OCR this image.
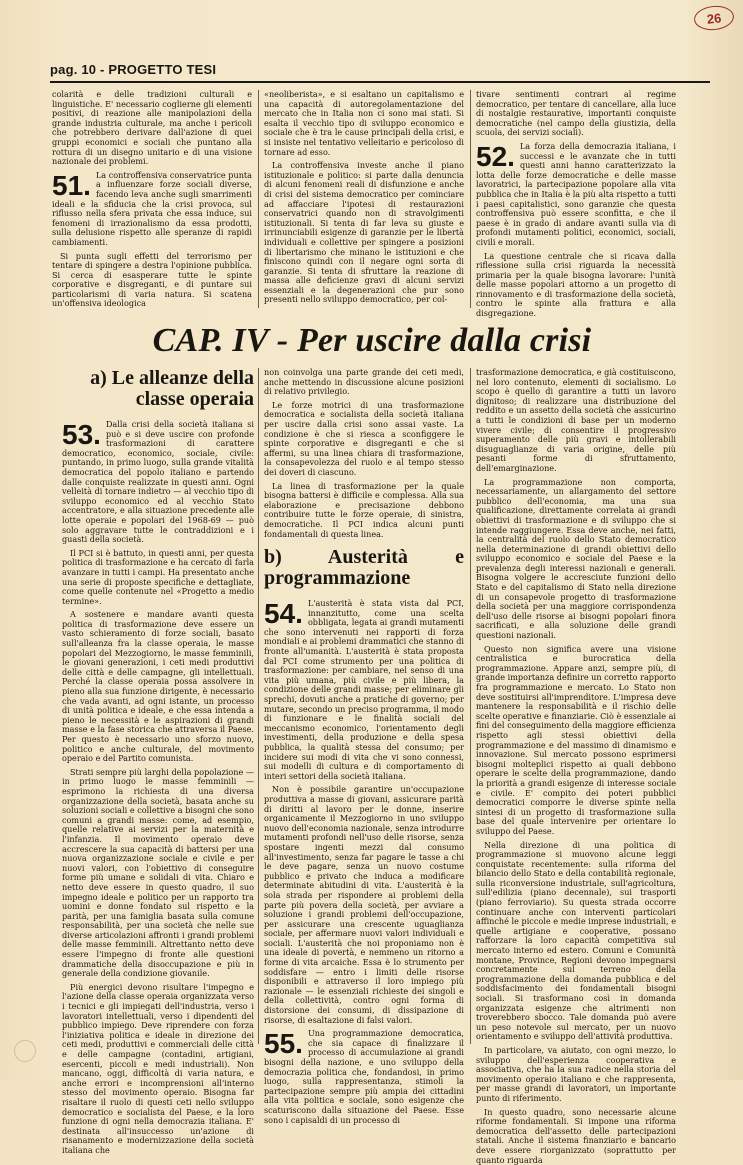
26
pag. 10 - PROGETTO TESI

colarità e delle tradizioni culturali e linguistiche. E' necessario coglierne gli elementi positivi, di reazione alle manipolazioni della grande industria culturale, ma anche i pericoli che potrebbero derivare dall'azione di quei gruppi economici e sociali che puntano alla rottura di un disegno unitario e di una visione nazionale dei problemi.

51. La controffensiva conservatrice punta a influenzare forze sociali diverse, facendo leva anche sugli smarrimenti ideali e la sfiducia che la crisi provoca, sul riflusso nella sfera privata che essa induce, sui fenomeni di irrazionalismo da essa prodotti, sulla delusione rispetto alle speranze di rapidi cambiamenti.

Si punta sugli effetti del terrorismo per tentare di spingere a destra l'opinione pubblica. Si cerca di esasperare tutte le spinte corporative e disgreganti, e di puntare sui particolarismi di varia natura. Si scatena un'offensiva ideologica

«neoliberista», e si esaltano un capitalismo e una capacità di autoregolamentazione del mercato che in Italia non ci sono mai stati. Si esalta il vecchio tipo di sviluppo economico e sociale che è tra le cause principali della crisi, e si insiste nel tentativo velleitario e pericoloso di tornare ad esso.

La controffensiva investe anche il piano istituzionale e politico: si parte dalla denuncia di alcuni fenomeni reali di disfunzione e anche di crisi del sistema democratico per cominciare ad affacciare l'ipotesi di restaurazioni conservatrici quando non di stravolgimenti istituzionali. Si tenta di far leva su giuste e irrinunciabili esigenze di garanzie per le libertà individuali e collettive per spingere a posizioni di libertarismo che minano le istituzioni e che finiscono quindi con il negare ogni sorta di garanzie. Si tenta di sfruttare la reazione di massa alle deficienze gravi di alcuni servizi essenziali e la degenerazioni che pur sono presenti nello sviluppo democratico, per col-

tivare sentimenti contrari al regime democratico, per tentare di cancellare, alla luce di nostalgie restaurative, importanti conquiste democratiche (nel campo della giustizia, della scuola, dei servizi sociali).

52. La forza della democrazia italiana, i successi e le avanzate che in tutti questi anni hanno caratterizzato la lotta delle forze democratiche e delle masse lavoratrici, la partecipazione popolare alla vita pubblica che in Italia è la più alta rispetto a tutti i paesi capitalistici, sono garanzie che questa controffensiva può essere sconfitta, e che il paese è in grado di andare avanti sulla via di profondi mutamenti politici, economici, sociali, civili e morali.

La questione centrale che si ricava dalla riflessione sulla crisi riguarda la necessità primaria per la quale bisogna lavorare: l'unità delle masse popolari attorno a un progetto di rinnovamento e di trasformazione della società, contro le spinte alla frattura e alla disgregazione.

CAP. IV - Per uscire dalla crisi
a) Le alleanze della classe operaia

53. Dalla crisi della società italiana si può e si deve uscire con profonde trasformazioni di carattere democratico, economico, sociale, civile: puntando, in primo luogo, sulla grande vitalità democratica del popolo italiano e partendo dalle conquiste realizzate in questi anni. Ogni velleità di tornare indietro — al vecchio tipo di sviluppo economico ed al vecchio Stato accentratore, e alla situazione precedente alle lotte operaie e popolari del 1968-69 — può solo aggravare tutte le contraddizioni e i guasti della società.

Il PCI si è battuto, in questi anni, per questa politica di trasformazione e ha cercato di farla avanzare in tutti i campi. Ha presentato anche una serie di proposte specifiche e dettagliate, come quelle contenute nel «Progetto a medio termine».

A sostenere e mandare avanti questa politica di trasformazione deve essere un vasto schieramento di forze sociali, basato sull'alleanza fra la classe operaia, le masse popolari del Mezzogiorno, le masse femminili, le giovani generazioni, i ceti medi produttivi delle città e delle campagne, gli intellettuali. Perché la classe operaia possa assolvere in pieno alla sua funzione dirigente, è necessario che vada avanti, ad ogni istante, un processo di unità politica e ideale, e che essa intenda a pieno le necessità e le aspirazioni di grandi masse e la fase storica che attraversa il Paese. Per questo è necessario uno sforzo nuovo, politico e anche culturale, del movimento operaio e del Partito comunista.

Strati sempre più larghi della popolazione — in primo luogo le masse femminili — esprimono la richiesta di una diversa organizzazione della società, basata anche su soluzioni sociali e collettive a bisogni che sono comuni a grandi masse: come, ad esempio, quelle relative ai servizi per la maternità e l'infanzia. Il movimento operaio deve accrescere la sua capacità di battersi per una nuova organizzazione sociale e civile e per nuovi valori, con l'obiettivo di conseguire forme più umane e solidali di vita. Chiaro e netto deve essere in questo quadro, il suo impegno ideale e politico per un rapporto tra uomini e donne fondato sul rispetto e la parità, per una famiglia basata sulla comune responsabilità, per una società che nelle sue diverse articolazioni affronti i grandi problemi delle masse femminili. Altrettanto netto deve essere l'impegno di fronte alle questioni drammatiche della disoccupazione e più in generale della condizione giovanile.

Più energici devono risultare l'impegno e l'azione della classe operaia organizzata verso i tecnici e gli impiegati dell'industria, verso i lavoratori intellettuali, verso i dipendenti del pubblico impiego. Deve riprendere con forza l'iniziativa politica e ideale in direzione dei ceti medi, produttivi e commerciali delle città e delle campagne (contadini, artigiani, esercenti, piccoli e medi industriali). Non mancano, oggi, difficoltà di varia natura, e anche errori e incomprensioni all'interno stesso del movimento operaio. Bisogna far risaltare il ruolo di questi ceti nello sviluppo democratico e socialista del Paese, e la loro funzione di ogni nella democrazia italiana. E' destinata all'insuccesso un'azione di risanamento e modernizzazione della società italiana che

non coinvolga una parte grande dei ceti medi, anche mettendo in discussione alcune posizioni di relativo privilegio.

Le forze motrici di una trasformazione democratica e socialista della società italiana per uscire dalla crisi sono assai vaste. La condizione è che si riesca a sconfiggere le spinte corporative e disgreganti e che si affermi, su una linea chiara di trasformazione, la consapevolezza del ruolo e al tempo stesso dei doveri di ciascuno.

La linea di trasformazione per la quale bisogna battersi è difficile e complessa. Alla sua elaborazione e precisazione debbono contribuire tutte le forze operaie, di sinistra, democratiche. Il PCI indica alcuni punti fondamentali di questa linea.

b) Austerità e programmazione

54. L'austerità è stata vista dal PCI, innanzitutto, come una scelta obbligata, legata ai grandi mutamenti che sono intervenuti nei rapporti di forza mondiali e ai problemi drammatici che stanno di fronte all'umanità. L'austerità è stata proposta dal PCI come strumento per una politica di trasformazione: per cambiare, nel senso di una vita più umana, più civile e più libera, la condizione delle grandi masse; per eliminare gli sprechi, dovuti anche a pratiche di governo; per mutare, secondo un preciso programma, il modo di funzionare e le finalità sociali del meccanismo economico, l'orientamento degli investimenti, della produzione e della spesa pubblica, la qualità stessa del consumo; per incidere sui modi di vita che vi sono connessi, sui modelli di cultura e di comportamento di interi settori della società italiana.

Non è possibile garantire un'occupazione produttiva a masse di giovani, assicurare parità di diritti al lavoro per le donne, inserire organicamente il Mezzogiorno in uno sviluppo nuovo dell'economia nazionale, senza introdurre mutamenti profondi nell'uso delle risorse, senza spostare ingenti mezzi dal consumo all'investimento, senza far pagare le tasse a chi le deve pagare, senza un nuovo costume pubblico e privato che induca a modificare determinate abitudini di vita. L'austerità è la sola strada per rispondere ai problemi della parte più povera della società, per avviare a soluzione i grandi problemi dell'occupazione, per assicurare una crescente uguaglianza sociale, per affermare nuovi valori individuali e sociali. L'austerità che noi proponiamo non è una ideale di povertà, e nemmeno un ritorno a forme di vita arcaiche. Essa è lo strumento per soddisfare — entro i limiti delle risorse disponibili e attraverso il loro impiego più razionale — le essenziali richieste dei singoli e della collettività, contro ogni forma di distorsione dei consumi, di dissipazione di risorse, di esaltazione di falsi valori.

55. Una programmazione democratica, che sia capace di finalizzare il processo di accumulazione ai grandi bisogni della nazione, e uno sviluppo della democrazia politica che, fondandosi, in primo luogo, sulla rappresentanza, stimoli la partecipazione sempre più ampia dei cittadini alla vita politica e sociale, sono esigenze che scaturiscono dalla situazione del Paese. Esse sono i capisaldi di un processo di

trasformazione democratica, e già costituiscono, nel loro contenuto, elementi di socialismo. Lo scopo è quello di garantire a tutti un lavoro dignitoso; di realizzare una distribuzione del reddito e un assetto della società che assicurino a tutti le condizioni di base per un moderno vivere civile; di consentire il progressivo superamento delle più gravi e intollerabili disuguaglianze di varia origine, delle più pesanti forme di sfruttamento, dell'emarginazione.

La programmazione non comporta, necessariamente, un allargamento del settore pubblico dell'economia, ma una sua qualificazione, direttamente correlata ai grandi obiettivi di trasformazione e di sviluppo che si intende raggiungere. Essa deve anche, nei fatti, la centralità del ruolo dello Stato democratico nella determinazione di grandi obiettivi dello sviluppo economico e sociale del Paese e la prevalenza degli interessi nazionali e generali. Bisogna volgere le accresciute funzioni dello Stato e del capitalismo di Stato nella direzione di un consapevole progetto di trasformazione della società per una maggiore corrispondenza dell'uso delle risorse ai bisogni popolari finora sacrificati, e alla soluzione delle grandi questioni nazionali.

Questo non significa avere una visione centralistica e burocratica della programmazione. Appare anzi, sempre più, di grande importanza definire un corretto rapporto fra programmazione e mercato. Lo Stato non deve sostituirsi all'imprenditore. L'impresa deve mantenere la responsabilità e il rischio delle scelte operative e finanziarie. Ciò è essenziale ai fini del conseguimento della maggiore efficienza rispetto agli stessi obiettivi della programmazione e del massimo di dinamismo e innovazione. Sul mercato possono esprimersi bisogni molteplici rispetto ai quali debbono operare le scelte della programmazione, dando la priorità a grandi esigenze di interesse sociale e civile. E' compito dei poteri pubblici democratici comporre le diverse spinte nella sintesi di un progetto di trasformazione sulla base del quale intervenire per orientare lo sviluppo del Paese.

Nella direzione di una politica di programmazione si muovono alcune leggi conquistate recentemente: sulla riforma del bilancio dello Stato e della contabilità regionale, sulla riconversione industriale, sull'agricoltura, sull'edilizia (piano decennale), sui trasporti (piano ferroviario). Su questa strada occorre continuare anche con interventi particolari affinché le piccole e medie imprese industriali, e quelle artigiane e cooperative, possano rafforzare la loro capacità competitiva sul mercato interno ed estero. Comuni e Comunità montane, Province, Regioni devono impegnarsi concretamente sul terreno della programmazione della domanda pubblica e del soddisfacimento dei fondamentali bisogni sociali. Si trasformano così in domanda organizzata esigenze che altrimenti non troverebbero sbocco. Tale domanda può avere un peso notevole sul mercato, per un nuovo orientamento e sviluppo dell'attività produttiva.

In particolare, va aiutato, con ogni mezzo, lo sviluppo dell'esperienza cooperativa e associativa, che ha la sua radice nella storia del movimento operaio italiano e che rappresenta, per masse grandi di lavoratori, un importante punto di riferimento.

In questo quadro, sono necessarie alcune riforme fondamentali. Si impone una riforma democratica dell'assetto delle partecipazioni statali. Anche il sistema finanziario e bancario deve essere riorganizzato (soprattutto per quanto riguarda
